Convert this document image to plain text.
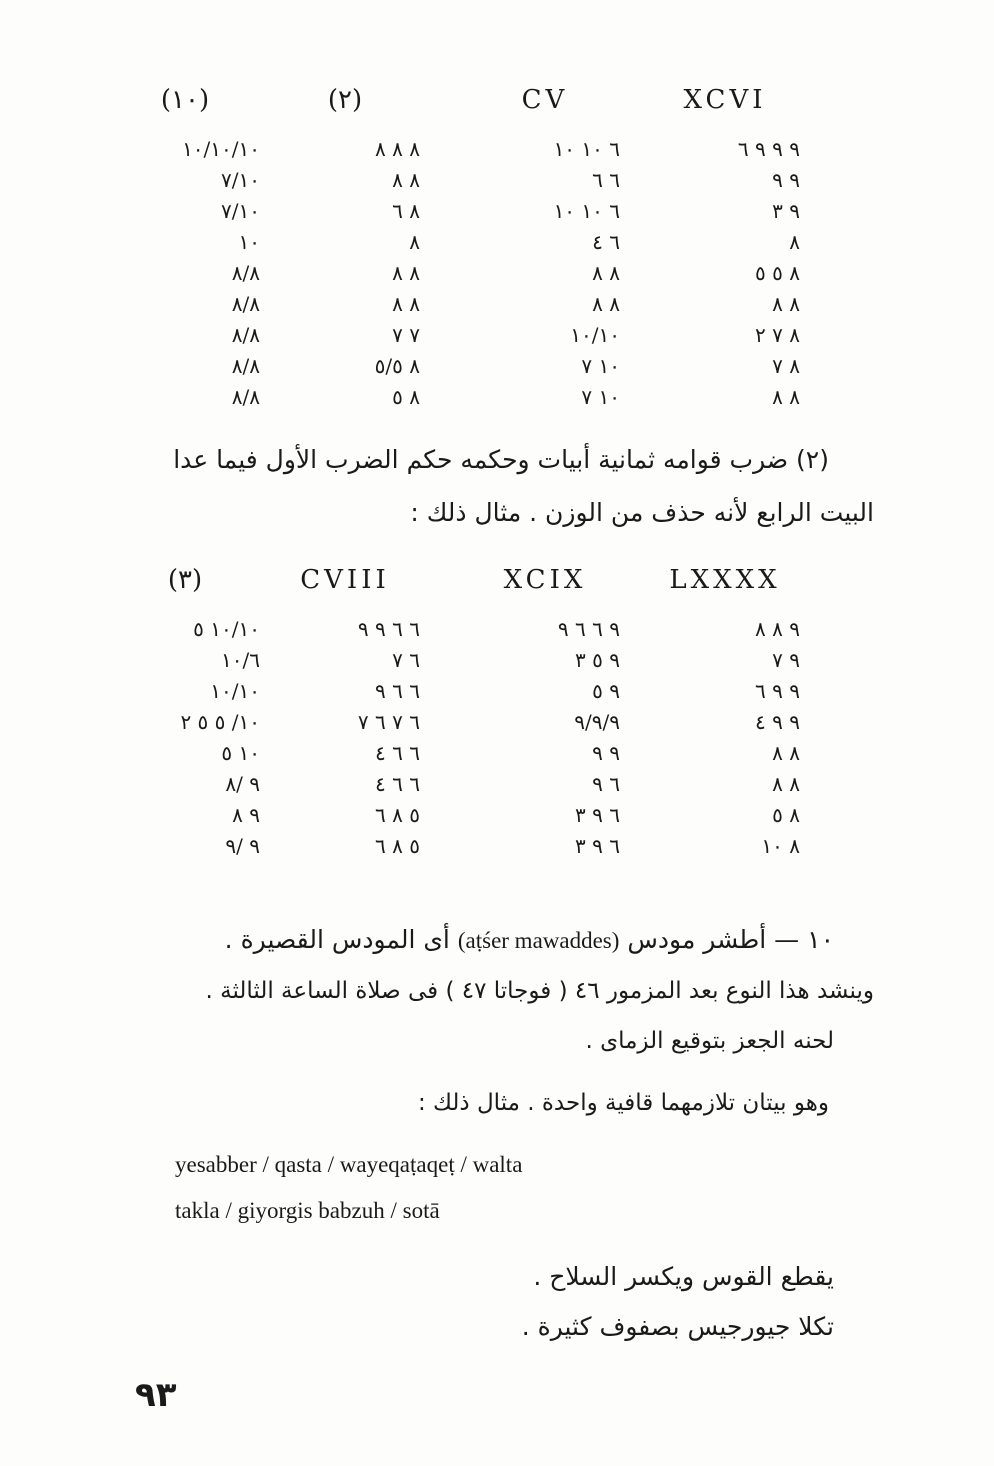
XCVI
CV
(٢)
(١٠)
٩ ٩ ٩ ٦
٦ ١٠ ١٠
٨ ٨ ٨
١٠/١٠/١٠
٩ ٩
٦ ٦
٨ ٨
٧/١٠
٩ ٣
٦ ١٠ ١٠
٨ ٦
٧/١٠
٨
٦ ٤
٨
١٠
٨ ٥ ٥
٨ ٨
٨ ٨
٨/٨
٨ ٨
٨ ٨
٨ ٨
٨/٨
٨ ٧ ٢
١٠/١٠
٧ ٧
٨/٨
٨ ٧
١٠ ٧
٨ ٥/٥
٨/٨
٨ ٨
١٠ ٧
٨ ٥
٨/٨
(٢) ضرب قوامه ثمانية أبيات وحكمه حكم الضرب الأول فيما عدا
البيت الرابع لأنه حذف من الوزن . مثال ذلك :
LXXXX
XCIX
CVIII
(٣)
٩ ٨ ٨
٩ ٦ ٦ ٩
٦ ٦ ٩ ٩
١٠/١٠ ٥
٩ ٧
٩ ٥ ٣
٦ ٧
١٠/٦
٩ ٩ ٦
٩ ٥
٦ ٦ ٩
١٠/١٠
٩ ٩ ٤
٩/٩/٩
٦ ٧ ٦ ٧
١٠/ ٥ ٥ ٢
٨ ٨
٩ ٩
٦ ٦ ٤
١٠ ٥
٨ ٨
٦ ٩
٦ ٦ ٤
٩ /٨
٨ ٥
٦ ٩ ٣
٥ ٨ ٦
٩ ٨
٨ ١٠
٦ ٩ ٣
٥ ٨ ٦
٩ /٩
١٠ — أطشر مودس (aṭśer mawaddes) أى المودس القصيرة .
وينشد هذا النوع بعد المزمور ٤٦ ( فوجاتا ٤٧ ) فى صلاة الساعة الثالثة .
لحنه الجعز بتوقيع الزماى .
وهو بيتان تلازمهما قافية واحدة . مثال ذلك :
yesabber / qasta / wayeqaṭaqeṭ / walta
takla / giyorgis babzuh / sotā
يقطع القوس ويكسر السلاح .
تكلا جيورجيس بصفوف كثيرة .
٩٣
